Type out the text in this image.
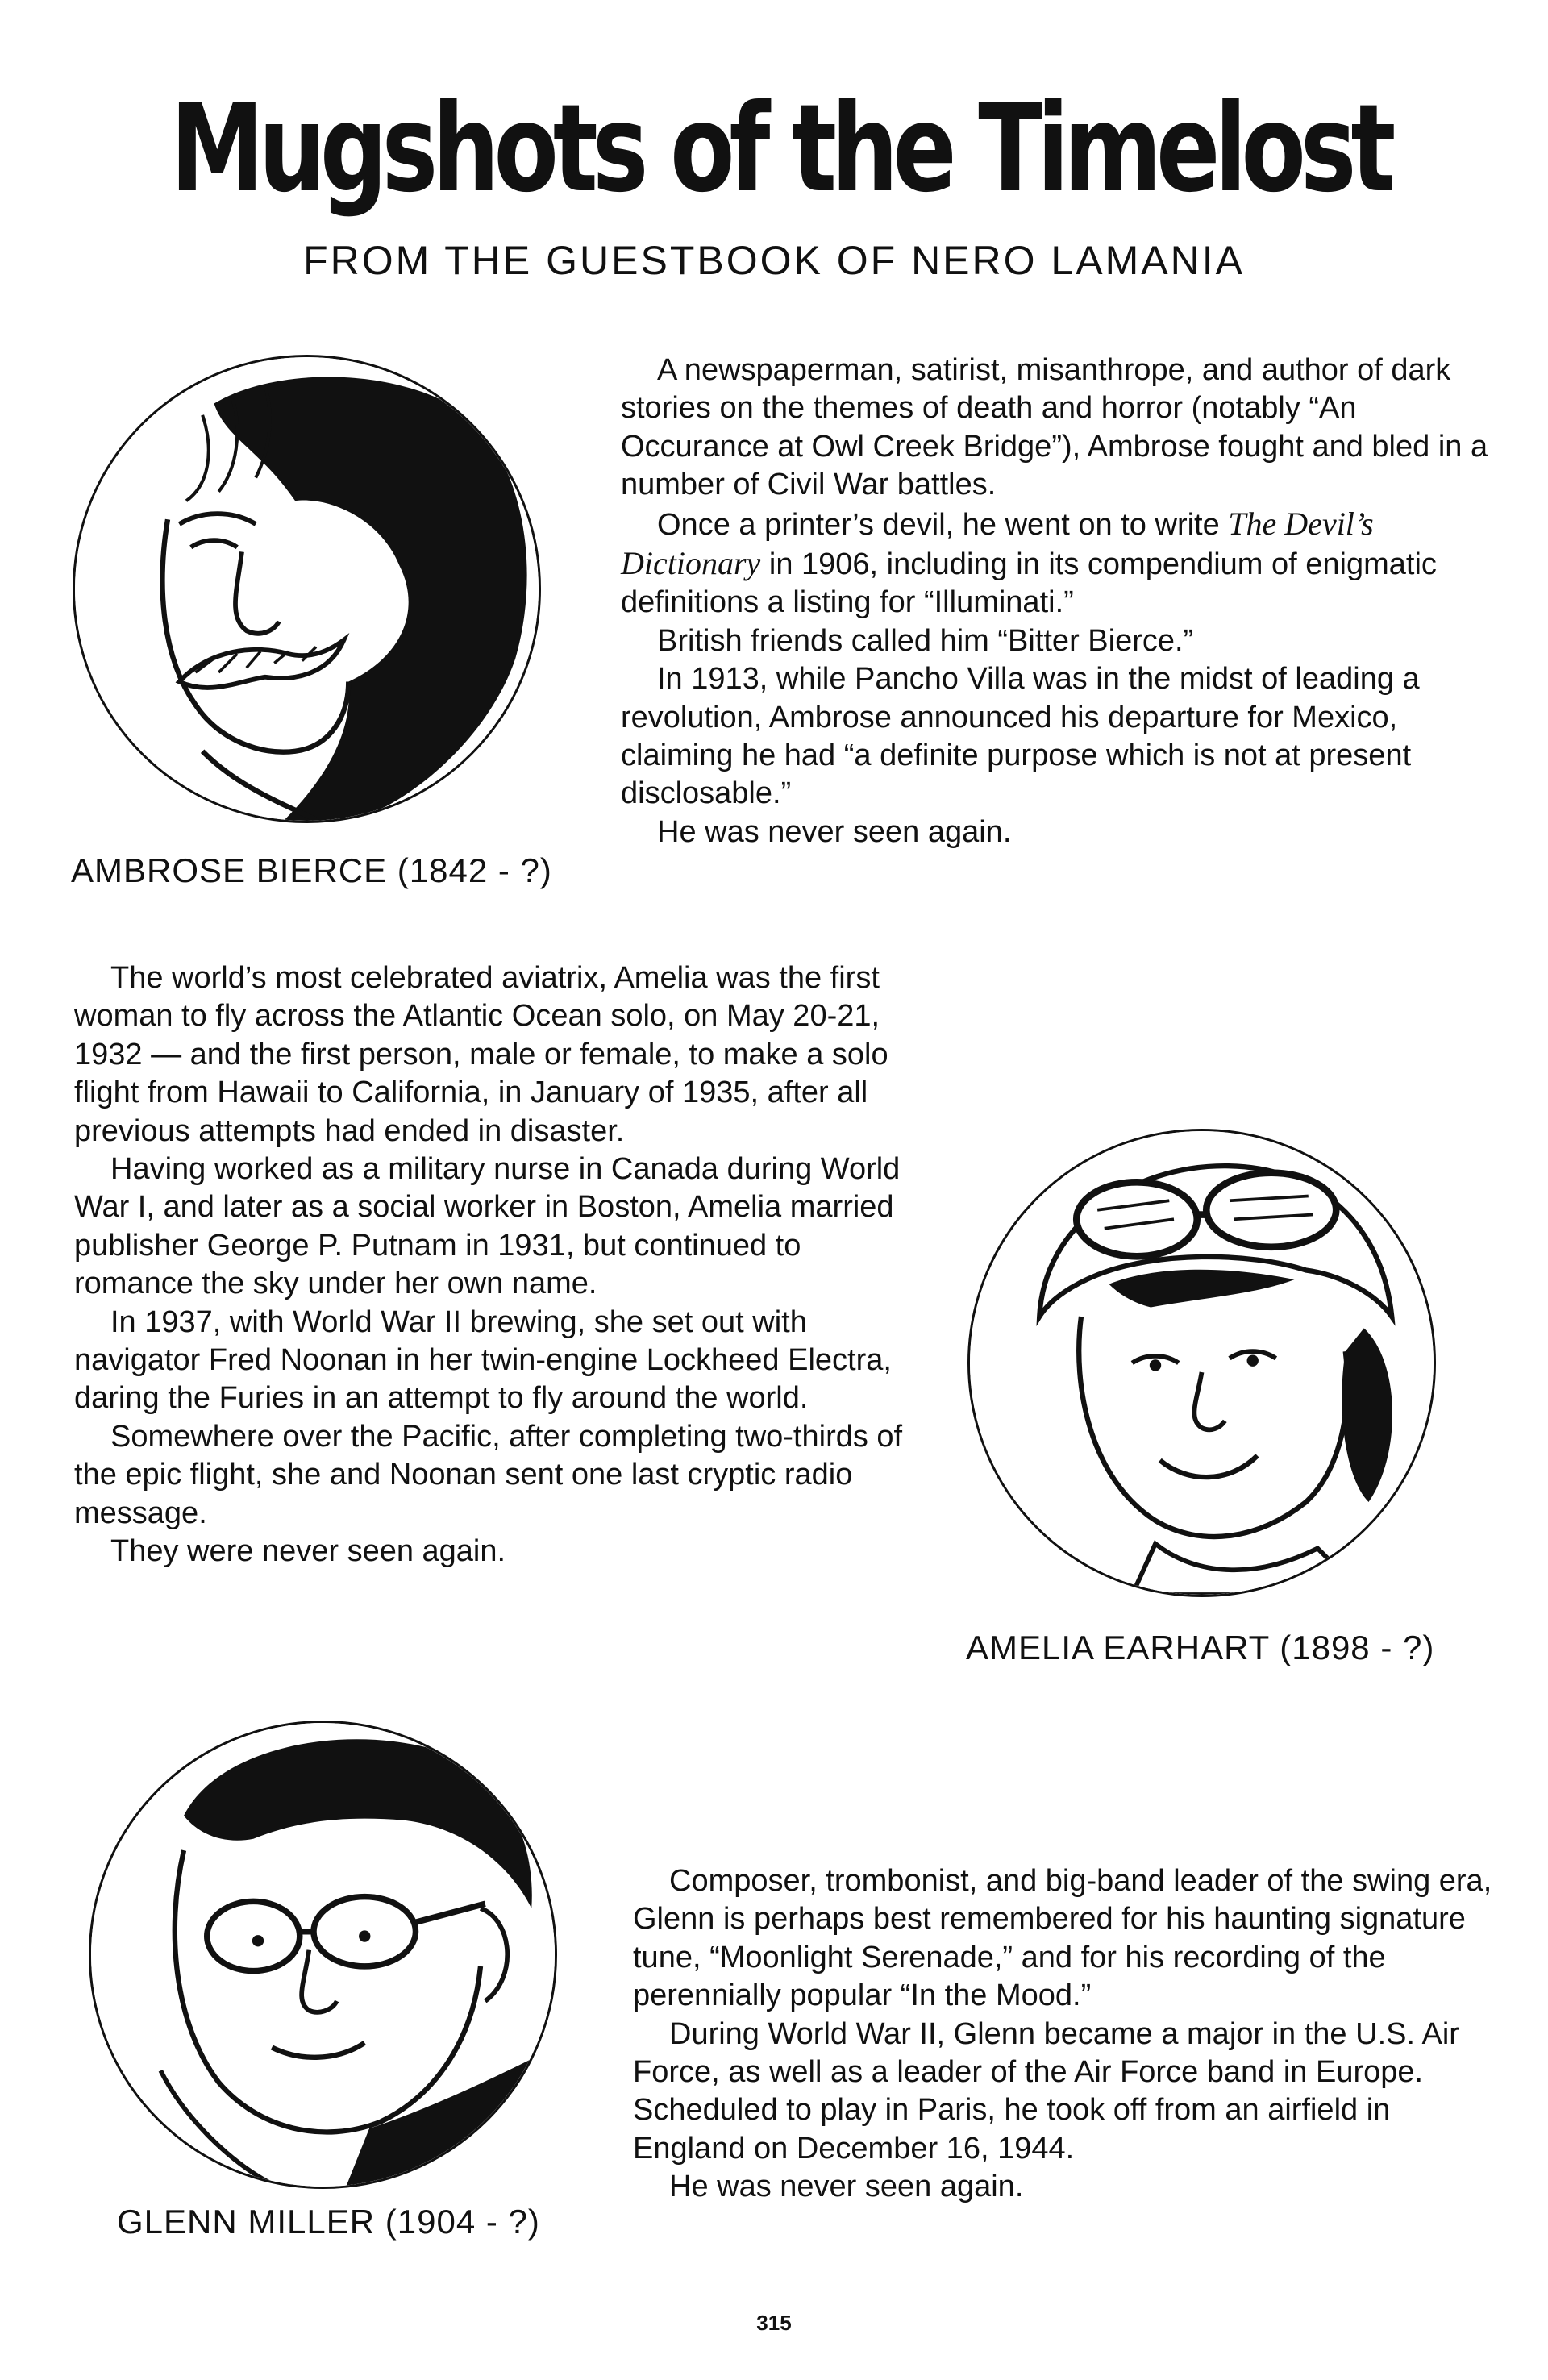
Mugshots of the Timelost
FROM THE GUESTBOOK OF NERO LAMANIA
AMBROSE BIERCE (1842 - ?)

A newspaperman, satirist, misanthrope, and author of dark stories on the themes of death and horror (notably “An Occurance at Owl Creek Bridge”), Ambrose fought and bled in a number of Civil War battles.

Once a printer’s devil, he went on to write The Devil’s Dictionary in 1906, including in its compendium of enigmatic definitions a listing for “Illuminati.”

British friends called him “Bitter Bierce.”

In 1913, while Pancho Villa was in the midst of leading a revolution, Ambrose announced his departure for Mexico, claiming he had “a definite purpose which is not at present disclosable.”

He was never seen again.

The world’s most celebrated aviatrix, Amelia was the first woman to fly across the Atlantic Ocean solo, on May 20-21, 1932 — and the first person, male or female, to make a solo flight from Hawaii to California, in January of 1935, after all previous attempts had ended in disaster.

Having worked as a military nurse in Canada during World War I, and later as a social worker in Boston, Amelia married publisher George P. Putnam in 1931, but continued to romance the sky under her own name.

In 1937, with World War II brewing, she set out with navigator Fred Noonan in her twin-engine Lockheed Electra, daring the Furies in an attempt to fly around the world.

Somewhere over the Pacific, after completing two-thirds of the epic flight, she and Noonan sent one last cryptic radio message.

They were never seen again.

AMELIA EARHART (1898 - ?)
GLENN MILLER (1904 - ?)

Composer, trombonist, and big-band leader of the swing era, Glenn is perhaps best remembered for his haunting signature tune, “Moonlight Serenade,” and for his recording of the perennially popular “In the Mood.”

During World War II, Glenn became a major in the U.S. Air Force, as well as a leader of the Air Force band in Europe. Scheduled to play in Paris, he took off from an airfield in England on December 16, 1944.

He was never seen again.

315
